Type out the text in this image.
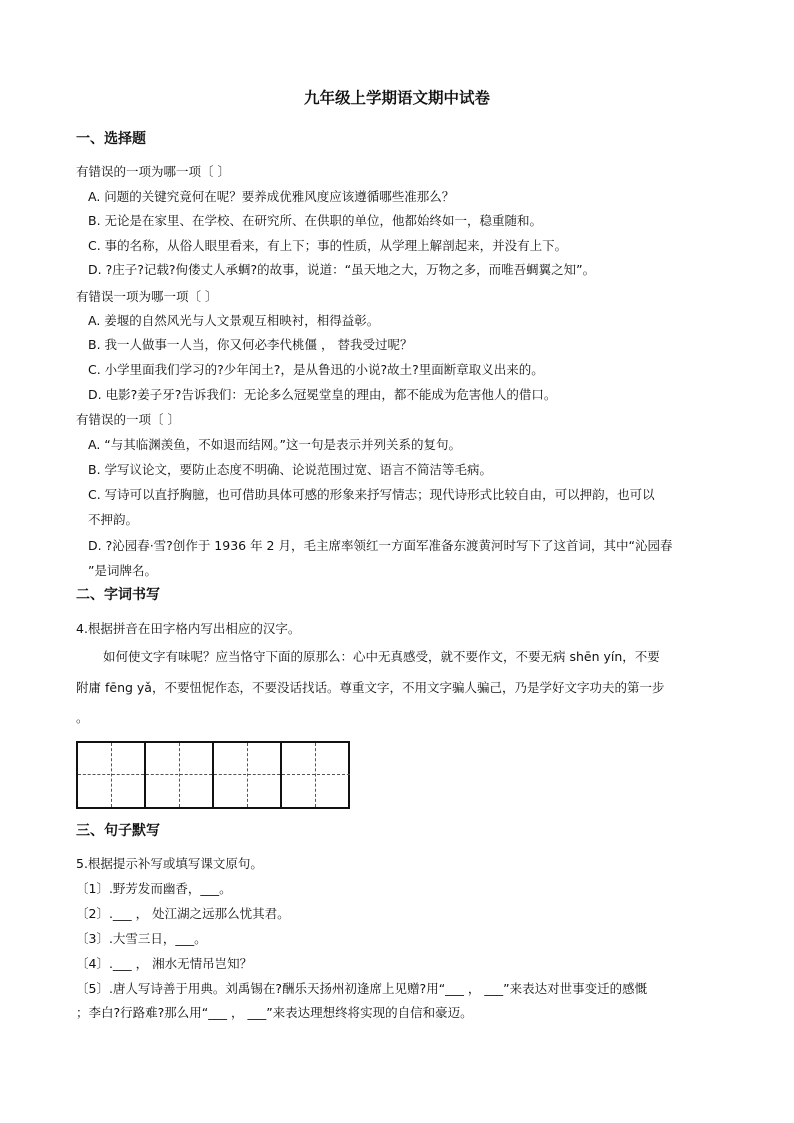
九年级上学期语文期中试卷
一、选择题
有错误的一项为哪一项〔 〕
A. 问题的关键究竟何在呢？要养成优雅风度应该遵循哪些准那么？
B. 无论是在家里、在学校、在研究所、在供职的单位，他都始终如一，稳重随和。
C. 事的名称，从俗人眼里看来，有上下；事的性质，从学理上解剖起来，并没有上下。
D. ?庄子?记载?佝偻丈人承蜩?的故事，说道：“虽天地之大，万物之多，而唯吾蜩翼之知”。
有错误一项为哪一项〔 〕
A. 姜堰的自然风光与人文景观互相映衬，相得益彰。
B. 我一人做事一人当，你又何必李代桃僵 ， 替我受过呢？
C. 小学里面我们学习的?少年闰土?，是从鲁迅的小说?故土?里面断章取义出来的。
D. 电影?姜子牙?告诉我们：无论多么冠冕堂皇的理由，都不能成为危害他人的借口。
有错误的一项〔 〕
A. “与其临渊羡鱼，不如退而结网。”这一句是表示并列关系的复句。
B. 学写议论文，要防止态度不明确、论说范围过宽、语言不简洁等毛病。
C. 写诗可以直抒胸臆，也可借助具体可感的形象来抒写情志；现代诗形式比较自由，可以押韵，也可以
不押韵。
D. ?沁园春·雪?创作于 1936 年 2 月，毛主席率领红一方面军准备东渡黄河时写下了这首词，其中“沁园春
”是词牌名。
二、字词书写
4.根据拼音在田字格内写出相应的汉字。
如何使文字有味呢？应当恪守下面的原那么：心中无真感受，就不要作文，不要无病 shēn yín，不要
附庸 fēng yǎ，不要忸怩作态，不要没话找话。尊重文字，不用文字骗人骗己，乃是学好文字功夫的第一步
。
三、句子默写
5.根据提示补写或填写课文原句。
〔1〕.野芳发而幽香，___。
〔2〕.___ ， 处江湖之远那么忧其君。
〔3〕.大雪三日，___。
〔4〕.___ ， 湘水无情吊岂知？
〔5〕.唐人写诗善于用典。刘禹锡在?酬乐天扬州初逢席上见赠?用“___ ， ___”来表达对世事变迁的感慨
；李白?行路难?那么用“___ ， ___”来表达理想终将实现的自信和豪迈。
